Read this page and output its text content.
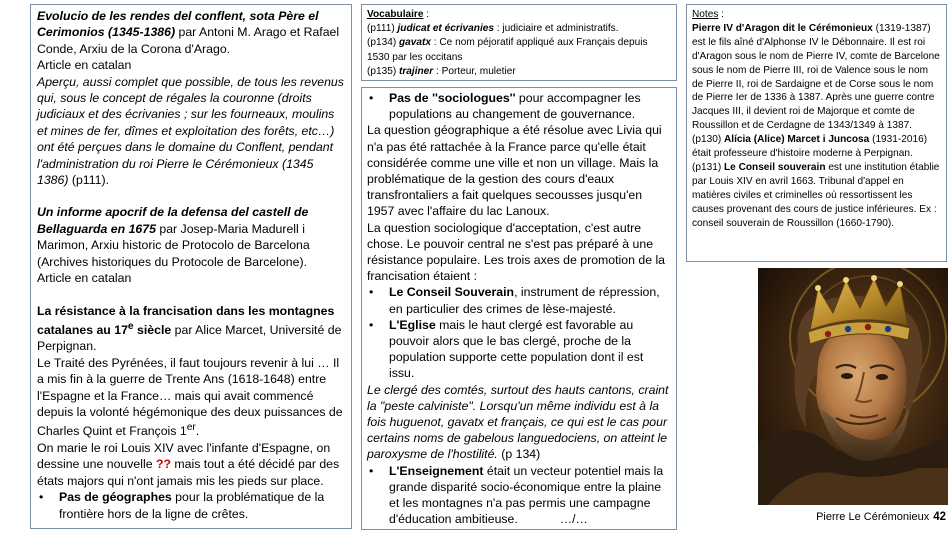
Evolucio de les rendes del conflent, sota Père el Cerimonios (1345-1386) par Antoni M. Arago et Rafael Conde, Arxiu de la Corona d'Arago.

Article en catalan

Aperçu, aussi complet que possible, de tous les revenus qui, sous le concept de régales la couronne (droits judiciaux et des écrivanies ; sur les fourneaux, moulins et mines de fer, dîmes et exploitation des forêts, etc…) ont été perçues dans le domaine du Conflent, pendant l'administration du roi Pierre le Cérémonieux (1345 1386) (p111).

Un informe apocrif de la defensa del castell de Bellaguarda en 1675 par Josep-Maria Madurell i Marimon, Arxiu historic de Protocolo de Barcelona (Archives historiques du Protocole de Barcelone).

Article en catalan

La résistance à la francisation dans les montagnes catalanes au 17e siècle par Alice Marcet, Université de Perpignan.

Le Traité des Pyrénées, il faut toujours revenir à lui … Il a mis fin à la guerre de Trente Ans (1618-1648) entre l'Espagne et la France… mais qui avait commencé depuis la volonté hégémonique des deux puissances de Charles Quint et François 1er.

On marie le roi Louis XIV avec l'infante d'Espagne, on dessine une nouvelle ?? mais tout a été décidé par des états majors qui n'ont jamais mis les pieds sur place.

• Pas de géographes pour la problématique de la frontière hors de la ligne de crêtes.

Vocabulaire :

(p111) judicat et écrivanies : judiciaire et administratifs.

(p134) gavatx : Ce nom péjoratif appliqué aux Français depuis 1530 par les occitans

(p135) trajiner : Porteur, muletier

• Pas de ''sociologues'' pour accompagner les populations au changement de gouvernance.

La question géographique a été résolue avec Livia qui n'a pas été rattachée à la France parce qu'elle était considérée comme une ville et non un village. Mais la problématique de la gestion des cours d'eaux transfrontaliers a fait quelques secousses jusqu'en 1957 avec l'affaire du lac Lanoux.

La question sociologique d'acceptation, c'est autre chose. Le pouvoir central ne s'est pas préparé à une résistance populaire. Les trois axes de promotion de la francisation étaient :

• Le Conseil Souverain, instrument de répression, en particulier des crimes de lèse-majesté.

• L'Eglise mais le haut clergé est favorable au pouvoir alors que le bas clergé, proche de la population supporte cette population dont il est issu.

Le clergé des comtés, surtout des hauts cantons, craint la "peste calviniste". Lorsqu'un même individu est à la fois huguenot, gavatx et français, ce qui est le cas pour certains noms de gabelous languedociens, on atteint le paroxysme de l'hostilité. (p 134)

• L'Enseignement était un vecteur potentiel mais la grande disparité socio-économique entre la plaine et les montagnes n'a pas permis une campagne d'éducation ambitieuse.	…/…

Notes :

Pierre IV d'Aragon dit le Cérémonieux (1319-1387) est le fils aîné d'Alphonse IV le Débonnaire. Il est roi d'Aragon sous le nom de Pierre IV, comte de Barcelone sous le nom de Pierre III, roi de Valence sous le nom de Pierre II, roi de Sardaigne et de Corse sous le nom de Pierre Ier de 1336 à 1387. Après une guerre contre Jacques III, il devient roi de Majorque et comte de Roussillon et de Cerdagne de 1343/1349 à 1387.

(p130) Alícia (Alice) Marcet i Juncosa (1931-2016) était professeure d'histoire moderne à Perpignan.

(p131) Le Conseil souverain est une institution établie par Louis XIV en avril 1663. Tribunal d'appel en matières civiles et criminelles où ressortissent les causes provenant des cours de justice inférieures. Ex : conseil souverain de Roussillon (1660-1790).

Pierre Le Cérémonieux 42
